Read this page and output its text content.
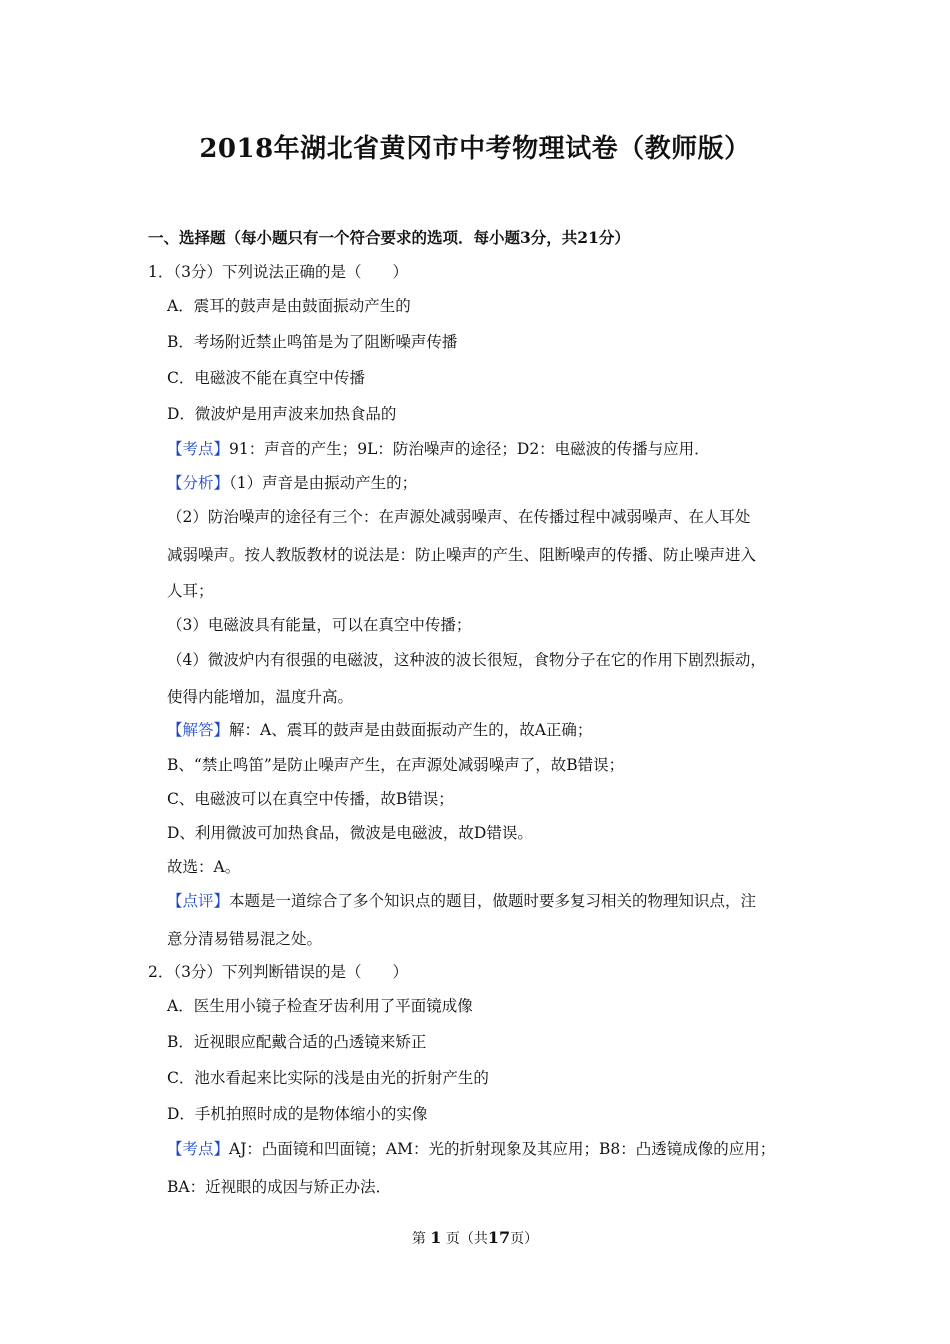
2018年湖北省黄冈市中考物理试卷（教师版）
一、选择题（每小题只有一个符合要求的选项．每小题3分，共21分）
1．（3分）下列说法正确的是（　　）
A．震耳的鼓声是由鼓面振动产生的
B．考场附近禁止鸣笛是为了阻断噪声传播
C．电磁波不能在真空中传播
D．微波炉是用声波来加热食品的
【考点】91：声音的产生；9L：防治噪声的途径；D2：电磁波的传播与应用．
【分析】（1）声音是由振动产生的；
（2）防治噪声的途径有三个：在声源处减弱噪声、在传播过程中减弱噪声、在人耳处
减弱噪声。按人教版教材的说法是：防止噪声的产生、阻断噪声的传播、防止噪声进入
人耳；
（3）电磁波具有能量，可以在真空中传播；
（4）微波炉内有很强的电磁波，这种波的波长很短，食物分子在它的作用下剧烈振动，
使得内能增加，温度升高。
【解答】解：A、震耳的鼓声是由鼓面振动产生的，故A正确；
B、“禁止鸣笛”是防止噪声产生，在声源处减弱噪声了，故B错误；
C、电磁波可以在真空中传播，故B错误；
D、利用微波可加热食品，微波是电磁波，故D错误。
故选：A。
【点评】本题是一道综合了多个知识点的题目，做题时要多复习相关的物理知识点，注
意分清易错易混之处。
2．（3分）下列判断错误的是（　　）
A．医生用小镜子检查牙齿利用了平面镜成像
B．近视眼应配戴合适的凸透镜来矫正
C．池水看起来比实际的浅是由光的折射产生的
D．手机拍照时成的是物体缩小的实像
【考点】AJ：凸面镜和凹面镜；AM：光的折射现象及其应用；B8：凸透镜成像的应用；
BA：近视眼的成因与矫正办法．
第 1 页（共17页）
